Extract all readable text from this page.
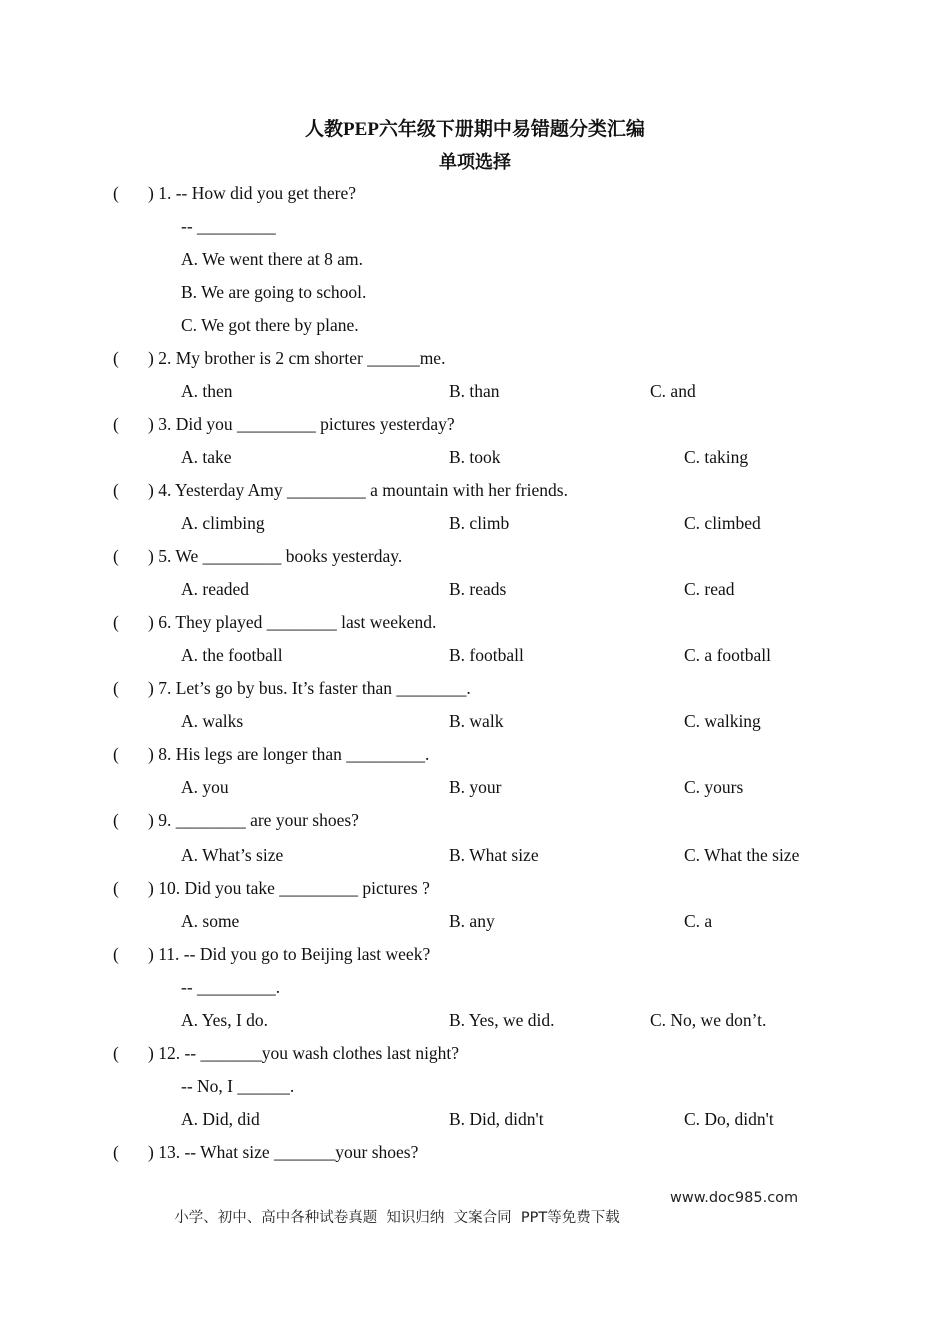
人教PEP六年级下册期中易错题分类汇编
单项选择
( ) 1. -- How did you get there?
-- _________
A. We went there at 8 am.
B. We are going to school.
C. We got there by plane.
( ) 2. My brother is 2 cm shorter ______me.
A. then	B. than	C. and
( ) 3. Did you _________ pictures yesterday?
A. take	B. took	C. taking
( ) 4. Yesterday Amy _________ a mountain with her friends.
A. climbing	B. climb	C. climbed
( ) 5. We _________ books yesterday.
A. readed	B. reads	C. read
( ) 6. They played ________ last weekend.
A. the football	B. football	C. a football
( ) 7. Let’s go by bus. It’s faster than ________.
A. walks	B. walk	C. walking
( ) 8. His legs are longer than _________.
A. you	B. your	C. yours
( ) 9. ________ are your shoes?
A. What’s size	B. What size	C. What the size
( ) 10. Did you take _________ pictures ?
A. some	B. any	C. a
( ) 11. -- Did you go to Beijing last week?
-- _________.
A. Yes, I do.	B. Yes, we did.	C. No, we don’t.
( ) 12. -- _______you wash clothes last night?
-- No, I ______.
A. Did, did	B. Did, didn't	C. Do, didn't
( ) 13. -- What size _______your shoes?

小学、初中、高中各种试卷真题  知识归纳  文案合同  PPT等免费下载

www.doc985.com
